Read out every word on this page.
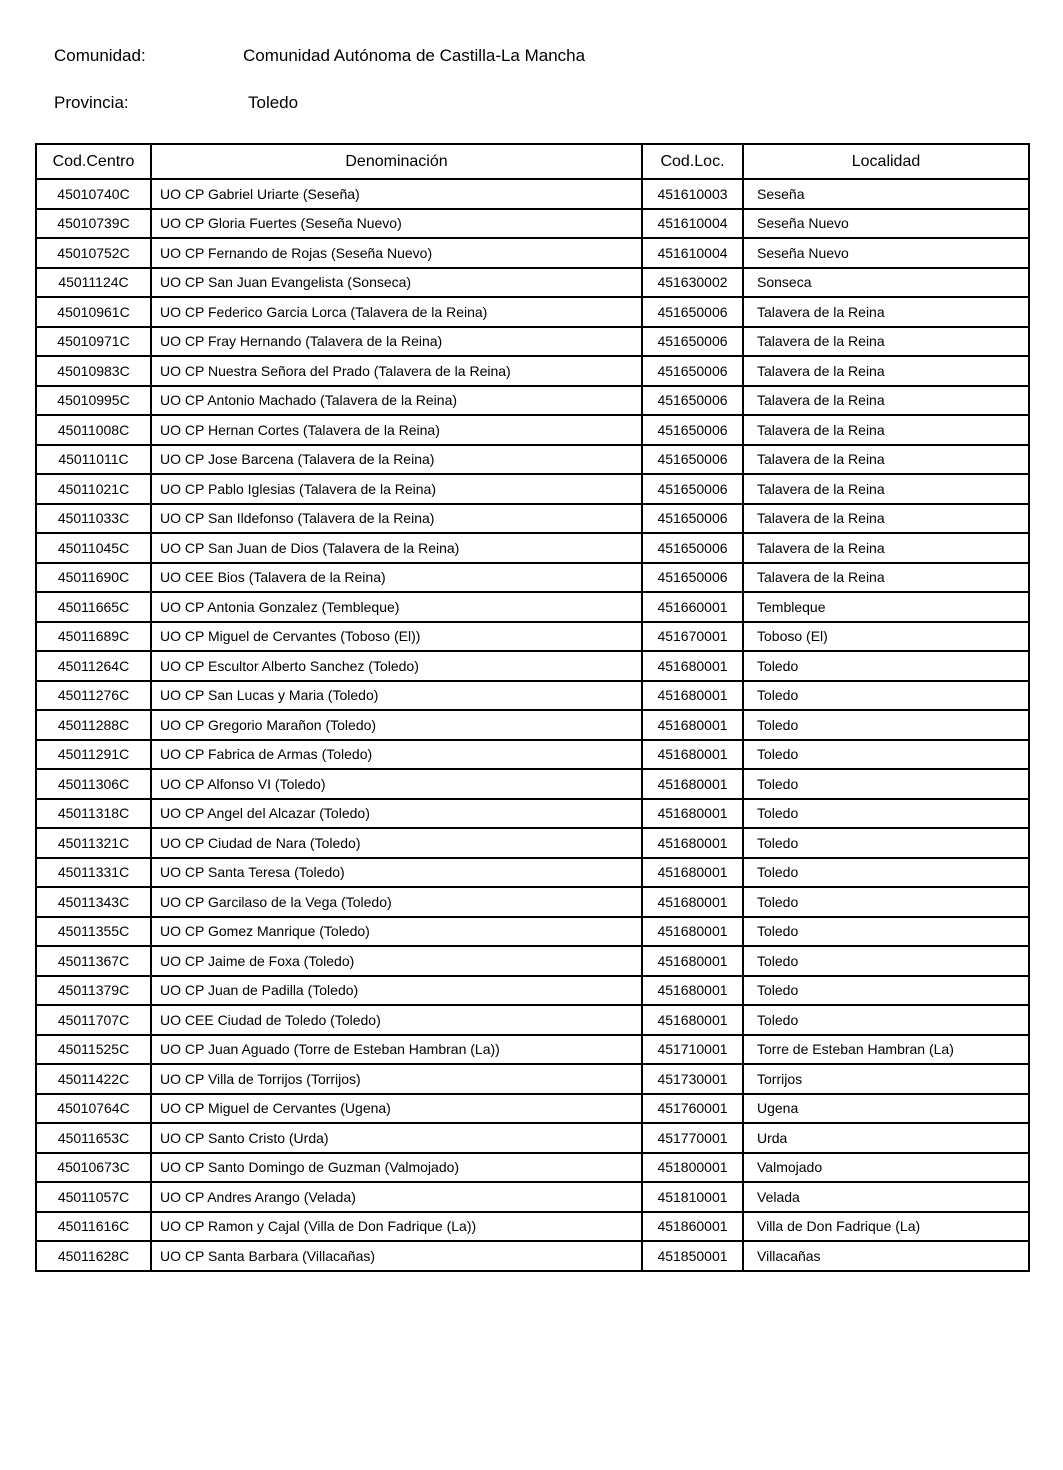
Comunidad:	Comunidad Autónoma de Castilla-La Mancha
Provincia:	Toledo
Cod.Centro	Denominación	Cod.Loc.	Localidad
45010740C	UO CP Gabriel Uriarte (Seseña)	451610003	Seseña
45010739C	UO CP Gloria Fuertes (Seseña Nuevo)	451610004	Seseña Nuevo
45010752C	UO CP Fernando de Rojas (Seseña Nuevo)	451610004	Seseña Nuevo
45011124C	UO CP San Juan Evangelista (Sonseca)	451630002	Sonseca
45010961C	UO CP Federico Garcia Lorca (Talavera de la Reina)	451650006	Talavera de la Reina
45010971C	UO CP Fray Hernando (Talavera de la Reina)	451650006	Talavera de la Reina
45010983C	UO CP Nuestra Señora del Prado (Talavera de la Reina)	451650006	Talavera de la Reina
45010995C	UO CP Antonio Machado (Talavera de la Reina)	451650006	Talavera de la Reina
45011008C	UO CP Hernan Cortes (Talavera de la Reina)	451650006	Talavera de la Reina
45011011C	UO CP Jose Barcena (Talavera de la Reina)	451650006	Talavera de la Reina
45011021C	UO CP Pablo Iglesias (Talavera de la Reina)	451650006	Talavera de la Reina
45011033C	UO CP San Ildefonso (Talavera de la Reina)	451650006	Talavera de la Reina
45011045C	UO CP San Juan de Dios (Talavera de la Reina)	451650006	Talavera de la Reina
45011690C	UO CEE Bios (Talavera de la Reina)	451650006	Talavera de la Reina
45011665C	UO CP Antonia Gonzalez (Tembleque)	451660001	Tembleque
45011689C	UO CP Miguel de Cervantes (Toboso (El))	451670001	Toboso (El)
45011264C	UO CP Escultor Alberto Sanchez (Toledo)	451680001	Toledo
45011276C	UO CP San Lucas y Maria (Toledo)	451680001	Toledo
45011288C	UO CP Gregorio Marañon (Toledo)	451680001	Toledo
45011291C	UO CP Fabrica de Armas (Toledo)	451680001	Toledo
45011306C	UO CP Alfonso VI (Toledo)	451680001	Toledo
45011318C	UO CP Angel del Alcazar (Toledo)	451680001	Toledo
45011321C	UO CP Ciudad de Nara (Toledo)	451680001	Toledo
45011331C	UO CP Santa Teresa (Toledo)	451680001	Toledo
45011343C	UO CP Garcilaso de la Vega (Toledo)	451680001	Toledo
45011355C	UO CP Gomez Manrique (Toledo)	451680001	Toledo
45011367C	UO CP Jaime de Foxa (Toledo)	451680001	Toledo
45011379C	UO CP Juan de Padilla (Toledo)	451680001	Toledo
45011707C	UO CEE Ciudad de Toledo (Toledo)	451680001	Toledo
45011525C	UO CP Juan Aguado (Torre de Esteban Hambran (La))	451710001	Torre de Esteban Hambran (La)
45011422C	UO CP Villa de Torrijos (Torrijos)	451730001	Torrijos
45010764C	UO CP Miguel de Cervantes (Ugena)	451760001	Ugena
45011653C	UO CP Santo Cristo (Urda)	451770001	Urda
45010673C	UO CP Santo Domingo de Guzman (Valmojado)	451800001	Valmojado
45011057C	UO CP Andres Arango (Velada)	451810001	Velada
45011616C	UO CP Ramon y Cajal (Villa de Don Fadrique (La))	451860001	Villa de Don Fadrique (La)
45011628C	UO CP Santa Barbara (Villacañas)	451850001	Villacañas
